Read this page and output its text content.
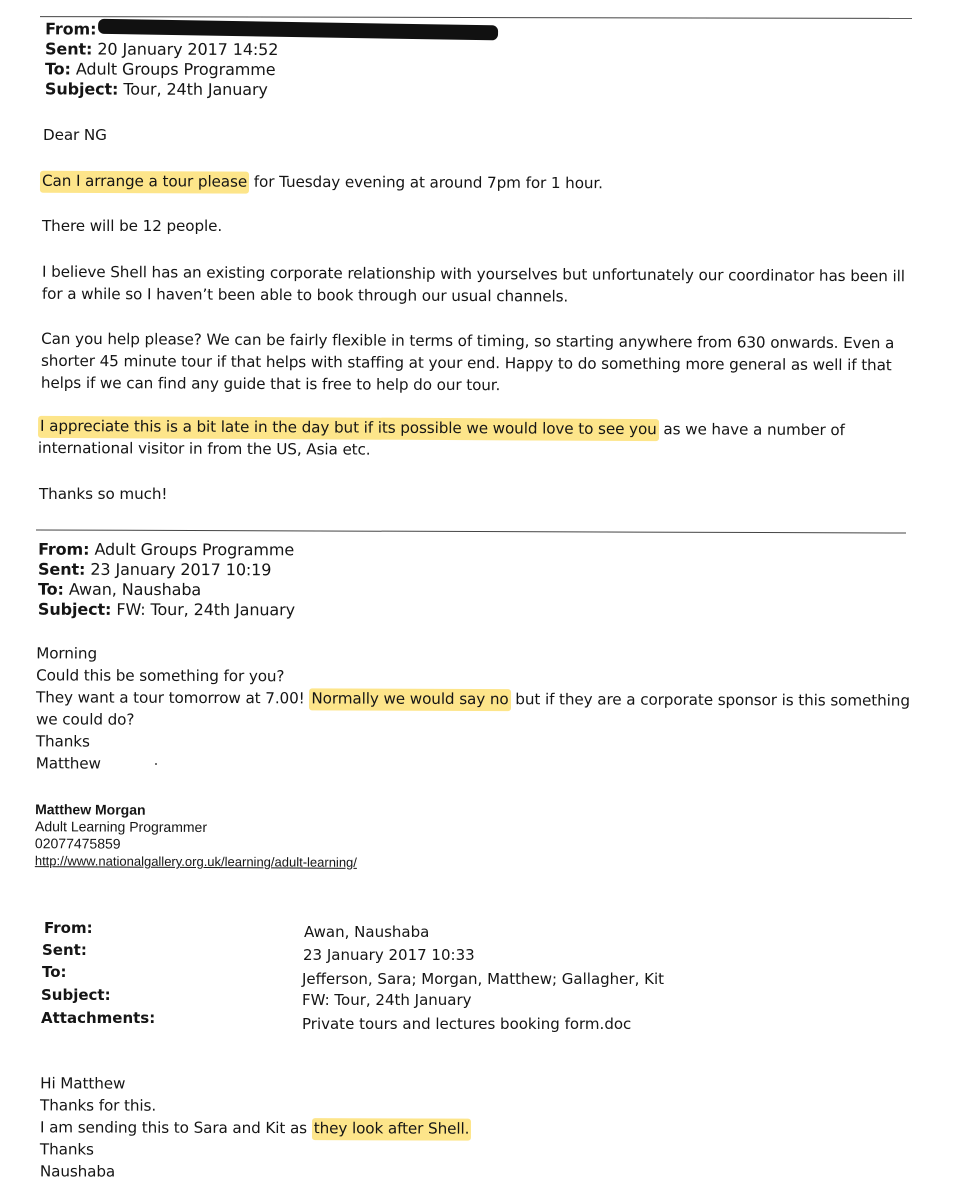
From:
Sent: 20 January 2017 14:52
To: Adult Groups Programme
Subject: Tour, 24th January
Dear NG
Can I arrange a tour please for Tuesday evening at around 7pm for 1 hour.
There will be 12 people.
I believe Shell has an existing corporate relationship with yourselves but unfortunately our coordinator has been ill
for a while so I haven’t been able to book through our usual channels.
Can you help please? We can be fairly flexible in terms of timing, so starting anywhere from 630 onwards. Even a
shorter 45 minute tour if that helps with staffing at your end. Happy to do something more general as well if that
helps if we can find any guide that is free to help do our tour.
I appreciate this is a bit late in the day but if its possible we would love to see you as we have a number of
international visitor in from the US, Asia etc.
Thanks so much!
From: Adult Groups Programme
Sent: 23 January 2017 10:19
To: Awan, Naushaba
Subject: FW: Tour, 24th January
Morning
Could this be something for you?
They want a tour tomorrow at 7.00! Normally we would say no but if they are a corporate sponsor is this something
we could do?
Thanks
Matthew
Matthew Morgan
Adult Learning Programmer
02077475859
http://www.nationalgallery.org.uk/learning/adult-learning/
From:	Awan, Naushaba
Sent:	23 January 2017 10:33
To:	Jefferson, Sara; Morgan, Matthew; Gallagher, Kit
Subject:	FW: Tour, 24th January
Attachments:	Private tours and lectures booking form.doc
Hi Matthew
Thanks for this.
I am sending this to Sara and Kit as they look after Shell.
Thanks
Naushaba
